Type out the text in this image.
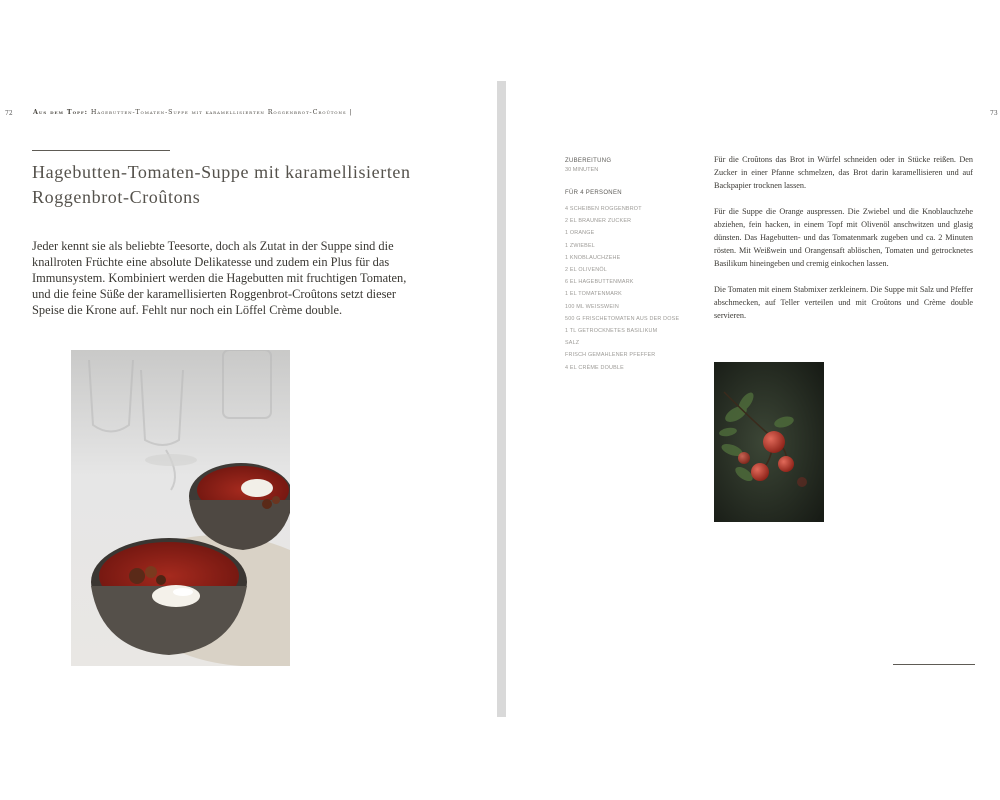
72	Aus dem Topf: Hagebutten-Tomaten-Suppe mit karamellisierten Roggenbrot-Croûtons |
Hagebutten-Tomaten-Suppe mit karamellisierten Roggenbrot-Croûtons

Jeder kennt sie als beliebte Teesorte, doch als Zutat in der Suppe sind die knallroten Früchte eine absolute Delikatesse und zudem ein Plus für das Immunsystem. Kombiniert werden die Hagebutten mit fruchtigen Tomaten, und die feine Süße der karamellisierten Roggenbrot-Croûtons setzt dieser Speise die Krone auf. Fehlt nur noch ein Löffel Crème double.

73
ZUBEREITUNG
30 MINUTEN
FÜR 4 PERSONEN
4 SCHEIBEN ROGGENBROT
2 EL BRAUNER ZUCKER
1 ORANGE
1 ZWIEBEL
1 KNOBLAUCHZEHE
2 EL OLIVENÖL
6 EL HAGEBUTTENMARK
1 EL TOMATENMARK
100 ML WEISSWEIN
500 G FRISCHETOMATEN AUS DER DOSE
1 TL GETROCKNETES BASILIKUM
SALZ
FRISCH GEMAHLENER PFEFFER
4 EL CRÈME DOUBLE

Für die Croûtons das Brot in Würfel schneiden oder in Stücke reißen. Den Zucker in einer Pfanne schmelzen, das Brot darin karamellisieren und auf Backpapier trocknen lassen.

Für die Suppe die Orange auspressen. Die Zwiebel und die Knoblauchzehe abziehen, fein hacken, in einem Topf mit Olivenöl anschwitzen und glasig dünsten. Das Hagebutten- und das Tomatenmark zugeben und ca. 2 Minuten rösten. Mit Weißwein und Orangensaft ablöschen, Tomaten und getrocknetes Basilikum hineingeben und cremig einkochen lassen.

Die Tomaten mit einem Stabmixer zerkleinern. Die Suppe mit Salz und Pfeffer abschmecken, auf Teller verteilen und mit Croûtons und Crème double servieren.
